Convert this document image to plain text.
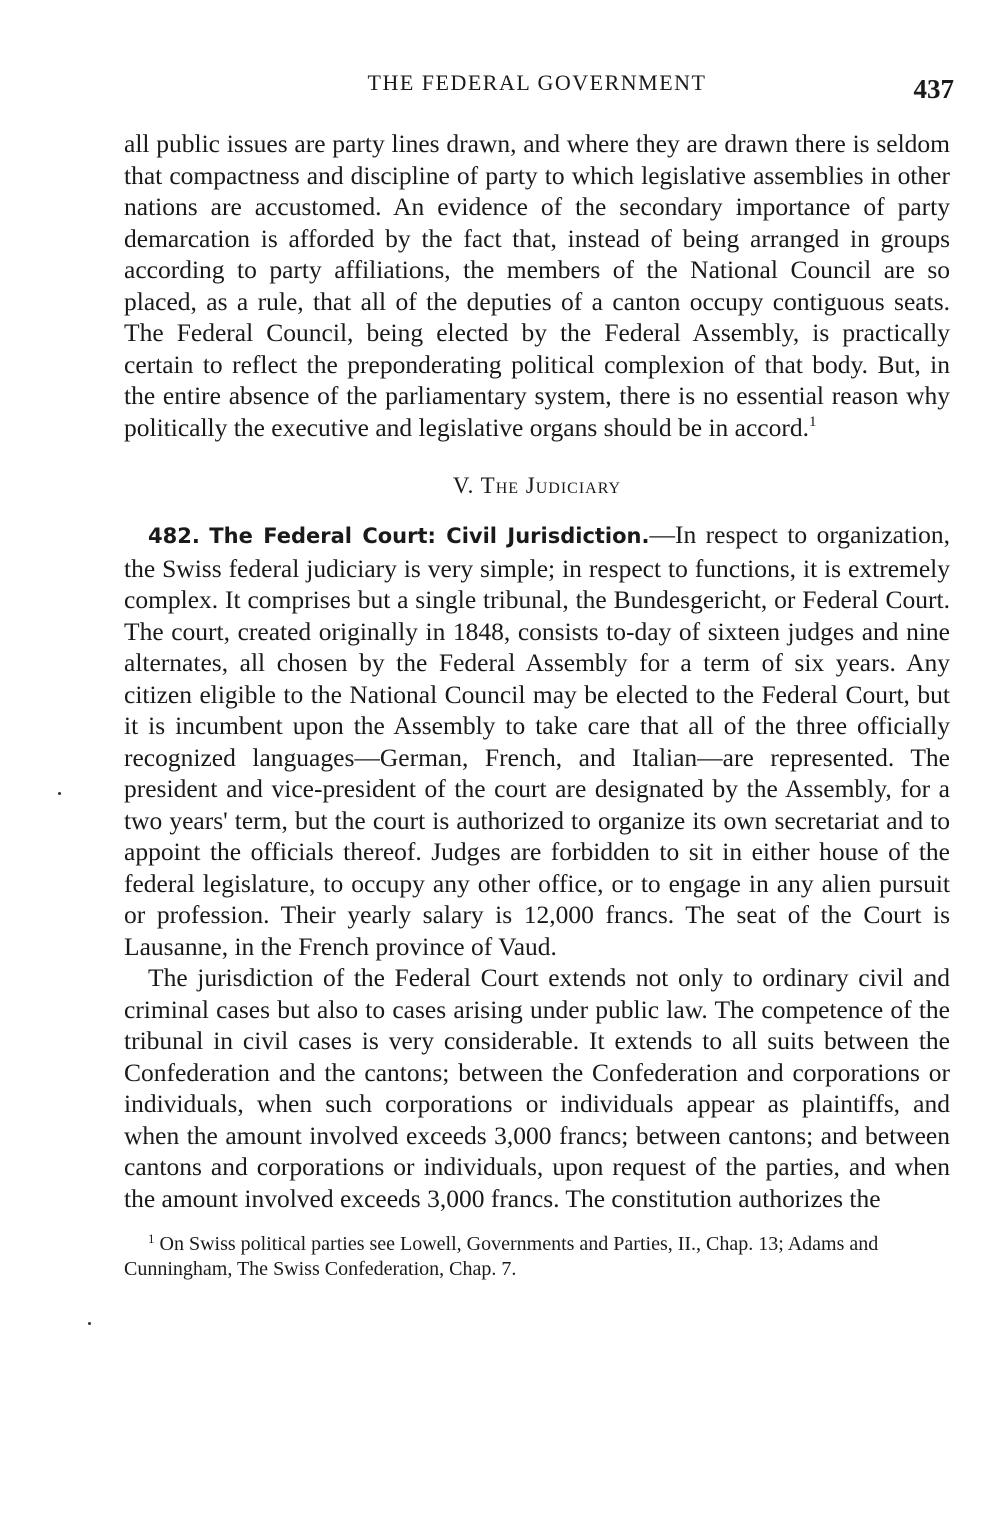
THE FEDERAL GOVERNMENT	437

all public issues are party lines drawn, and where they are drawn there is seldom that compactness and discipline of party to which legislative assemblies in other nations are accustomed. An evidence of the secondary importance of party demarcation is afforded by the fact that, instead of being arranged in groups according to party affiliations, the members of the National Council are so placed, as a rule, that all of the deputies of a canton occupy contiguous seats. The Federal Council, being elected by the Federal Assembly, is practically certain to reflect the preponderating political complexion of that body. But, in the entire absence of the parliamentary system, there is no essential reason why politically the executive and legislative organs should be in accord.$^1$

V. The Judiciary

482. The Federal Court: Civil Jurisdiction.—In respect to organization, the Swiss federal judiciary is very simple; in respect to functions, it is extremely complex. It comprises but a single tribunal, the Bundesgericht, or Federal Court. The court, created originally in 1848, consists to-day of sixteen judges and nine alternates, all chosen by the Federal Assembly for a term of six years. Any citizen eligible to the National Council may be elected to the Federal Court, but it is incumbent upon the Assembly to take care that all of the three officially recognized languages—German, French, and Italian—are represented. The president and vice-president of the court are designated by the Assembly, for a two years' term, but the court is authorized to organize its own secretariat and to appoint the officials thereof. Judges are forbidden to sit in either house of the federal legislature, to occupy any other office, or to engage in any alien pursuit or profession. Their yearly salary is 12,000 francs. The seat of the Court is Lausanne, in the French province of Vaud.

The jurisdiction of the Federal Court extends not only to ordinary civil and criminal cases but also to cases arising under public law. The competence of the tribunal in civil cases is very considerable. It extends to all suits between the Confederation and the cantons; between the Confederation and corporations or individuals, when such corporations or individuals appear as plaintiffs, and when the amount involved exceeds 3,000 francs; between cantons; and between cantons and corporations or individuals, upon request of the parties, and when the amount involved exceeds 3,000 francs. The constitution authorizes the

$^1$ On Swiss political parties see Lowell, Governments and Parties, II., Chap. 13; Adams and Cunningham, The Swiss Confederation, Chap. 7.
